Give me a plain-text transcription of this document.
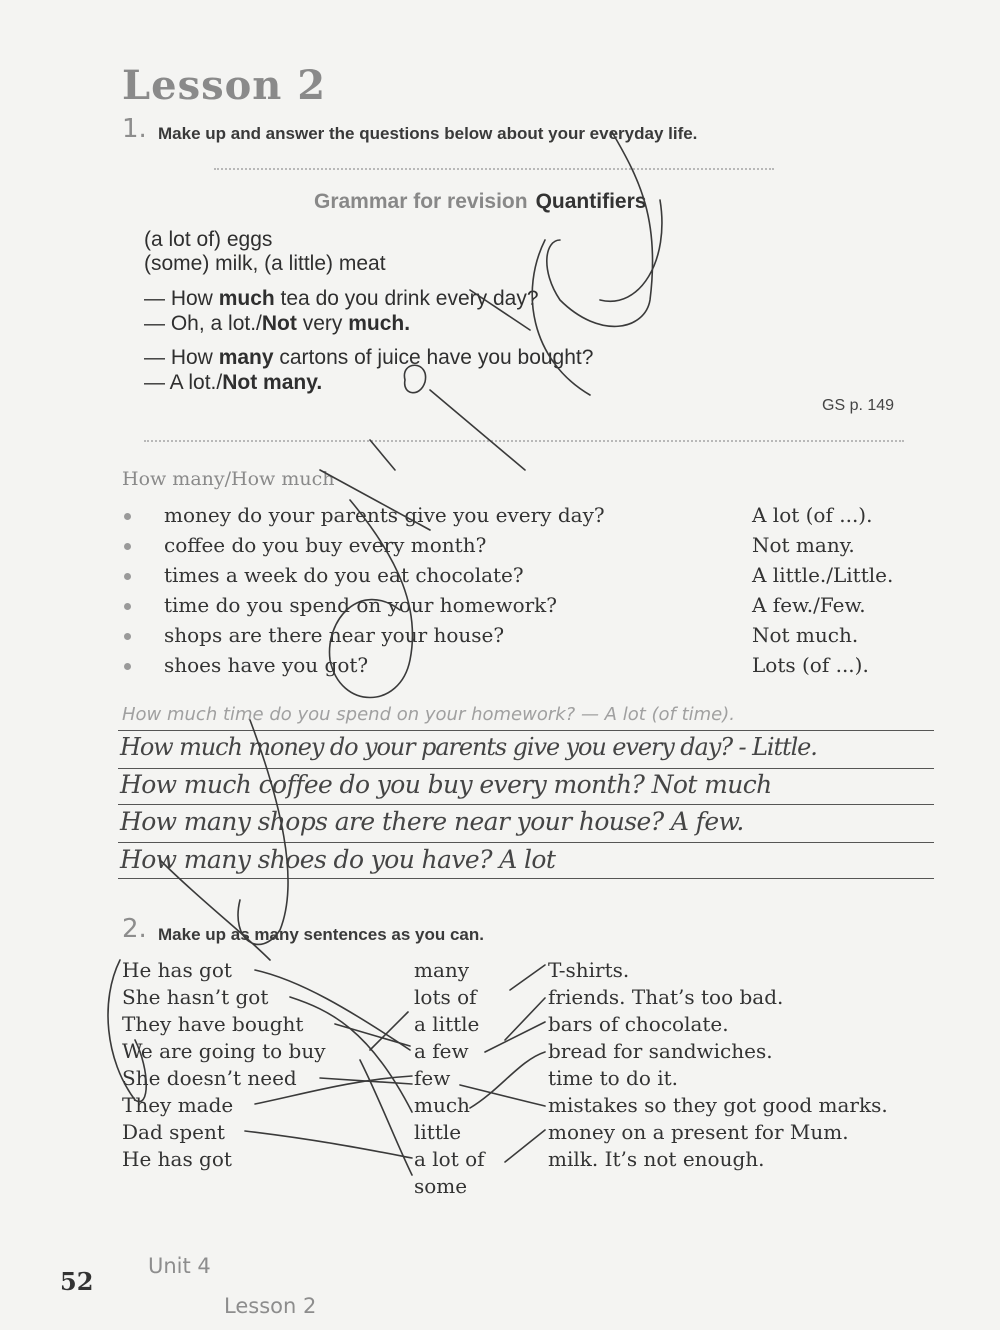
Lesson 2
1. Make up and answer the questions below about your everyday life.
Grammar for revision Quantifiers
(a lot of) eggs
(some) milk, (a little) meat
— How much tea do you drink every day?
— Oh, a lot./Not very much.
— How many cartons of juice have you bought?
— A lot./Not many.
GS p. 149
How many/How much
money do your parents give you every day?
coffee do you buy every month?
times a week do you eat chocolate?
time do you spend on your homework?
shops are there near your house?
shoes have you got?
A lot (of ...).
Not many.
A little./Little.
A few./Few.
Not much.
Lots (of ...).
How much time do you spend on your homework? — A lot (of time).
How much money do your parents give you every day? - Little.
How much coffee do you buy every month? Not much
How many shops are there near your house? A few.
How many shoes do you have? A lot
2. Make up as many sentences as you can.
He has got
She hasn’t got
They have bought
We are going to buy
She doesn’t need
They made
Dad spent
He has got
many
lots of
a little
a few
few
much
little
a lot of
some
T-shirts.
friends. That’s too bad.
bars of chocolate.
bread for sandwiches.
time to do it.
mistakes so they got good marks.
money on a present for Mum.
milk. It’s not enough.
52
Unit 4
Lesson 2
